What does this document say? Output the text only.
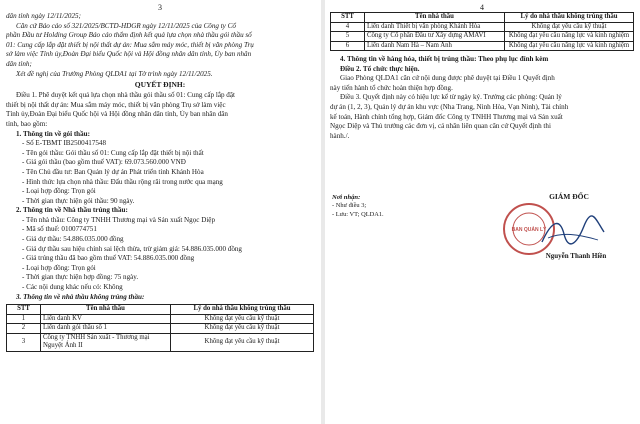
3
dân tỉnh ngày 12/11/2025;
Căn cứ Báo cáo số 321/2025/BCTD-HDGR ngày 12/11/2025 của Công ty Cổ
phần Đầu tư Holding Group Báo cáo thẩm định kết quả lựa chọn nhà thầu gói thầu số
01: Cung cấp lắp đặt thiết bị nội thất dự án: Mua sắm máy móc, thiết bị văn phòng Trụ
sở làm việc Tỉnh ủy,Đoàn Đại biểu Quốc hội và Hội đồng nhân dân tỉnh, Ủy ban nhân
dân tỉnh;
Xét đề nghị của Trưởng Phòng QLDA1 tại Tờ trình ngày 12/11/2025.
QUYẾT ĐỊNH:
Điều 1. Phê duyệt kết quả lựa chọn nhà thầu gói thầu số 01: Cung cấp lắp đặt
thiết bị nội thất dự án: Mua sắm máy móc, thiết bị văn phòng Trụ sở làm việc
Tỉnh ủy,Đoàn Đại biểu Quốc hội và Hội đồng nhân dân tỉnh, Ủy ban nhân dân
tỉnh, bao gồm:
1. Thông tin về gói thầu:
- Số E-TBMT IB2500417548
- Tên gói thầu: Gói thầu số 01: Cung cấp lắp đặt thiết bị nội thất
- Giá gói thầu (bao gồm thuế VAT): 69.073.560.000 VNĐ
- Tên Chủ đầu tư: Ban Quản lý dự án Phát triển tỉnh Khánh Hòa
- Hình thức lựa chọn nhà thầu: Đấu thầu rộng rãi trong nước qua mạng
- Loại hợp đồng: Trọn gói
- Thời gian thực hiện gói thầu: 90 ngày.
2. Thông tin về Nhà thầu trúng thầu:
- Tên nhà thầu: Công ty TNHH Thương mại và Sản xuất Ngọc Diệp
- Mã số thuế: 0100774751
- Giá dự thầu: 54.886.035.000 đồng
- Giá dự thầu sau hiệu chỉnh sai lệch thừa, trừ giảm giá: 54.886.035.000 đồng
- Giá trúng thầu đã bao gồm thuế VAT: 54.886.035.000 đồng
- Loại hợp đồng: Trọn gói
- Thời gian thực hiện hợp đồng: 75 ngày.
- Các nội dung khác nếu có: Không
3. Thông tin về nhà thầu không trúng thầu:
STT	Tên nhà thầu	Lý do nhà thầu không trúng thầu
1	Liên danh KV	Không đạt yêu cầu kỹ thuật
2	Liên danh gói thầu số 1	Không đạt yêu cầu kỹ thuật
3	Công ty TNHH Sản xuất - Thương mại Nguyệt Ánh II	Không đạt yêu cầu kỹ thuật
4
STT	Tên nhà thầu	Lý do nhà thầu không trúng thầu
4	Liên danh Thiết bị văn phòng Khánh Hòa	Không đạt yêu cầu kỹ thuật
5	Công ty Cổ phần Đầu tư Xây dựng AMAVI	Không đạt yêu cầu năng lực và kinh nghiệm
6	Liên danh Nam Hà – Nam Anh	Không đạt yêu cầu năng lực và kinh nghiệm
4. Thông tin về hàng hóa, thiết bị trúng thầu: Theo phụ lục đính kèm
Điều 2. Tổ chức thực hiện.
Giao Phòng QLDA1 căn cứ nội dung được phê duyệt tại Điều 1 Quyết định
này tiến hành tổ chức hoàn thiện hợp đồng.
Điều 3. Quyết định này có hiệu lực kể từ ngày ký. Trưởng các phòng: Quản lý
dự án (1, 2, 3), Quản lý dự án khu vực (Nha Trang, Ninh Hòa, Vạn Ninh), Tài chính
kế toán, Hành chính tổng hợp, Giám đốc Công ty TNHH Thương mại và Sản xuất
Ngọc Diệp và Thủ trưởng các đơn vị, cá nhân liên quan căn cứ Quyết định thi
hành./.
Nơi nhận:
- Như điều 3;
- Lưu: VT; QLDA1.
GIÁM ĐỐC
BAN QUẢN LÝ
Nguyễn Thanh Hiền
